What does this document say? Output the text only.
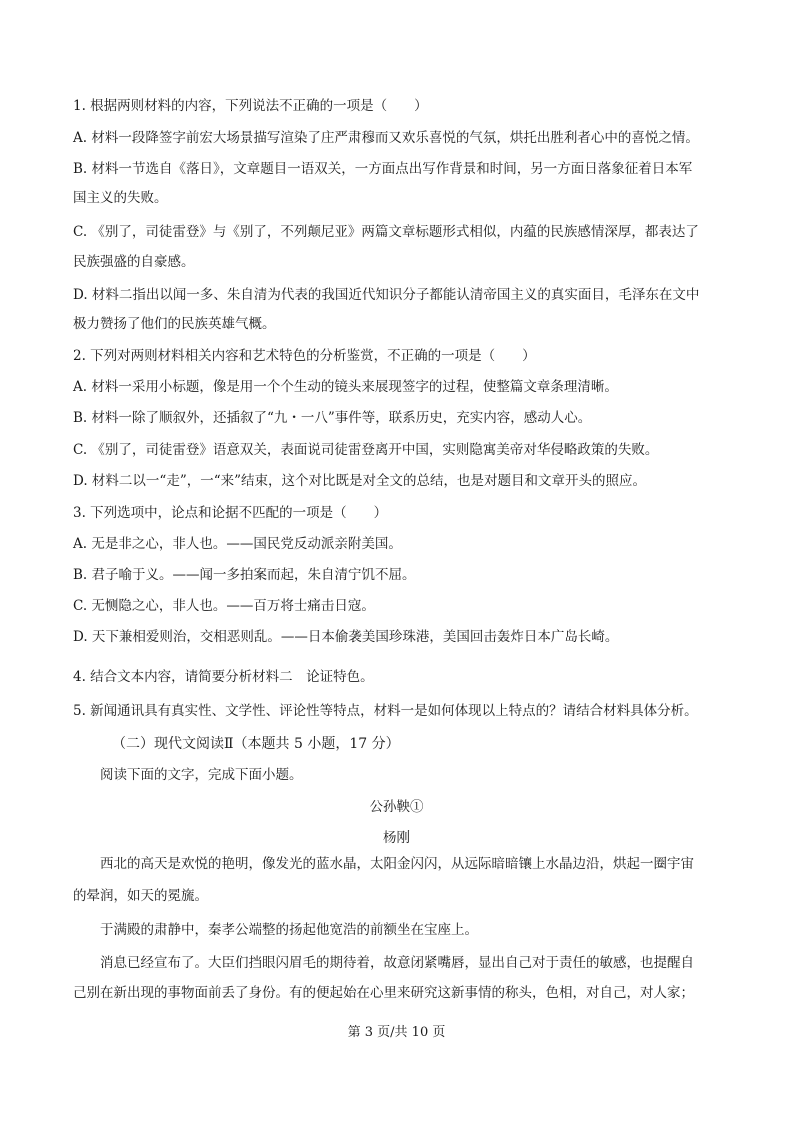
1. 根据两则材料的内容，下列说法不正确的一项是（　　）
A. 材料一段降签字前宏大场景描写渲染了庄严肃穆而又欢乐喜悦的气氛，烘托出胜利者心中的喜悦之情。
B. 材料一节选自《落日》，文章题目一语双关，一方面点出写作背景和时间，另一方面日落象征着日本军
国主义的失败。
C. 《别了，司徒雷登》与《别了，不列颠尼亚》两篇文章标题形式相似，内蕴的民族感情深厚，都表达了
民族强盛的自豪感。
D. 材料二指出以闻一多、朱自清为代表的我国近代知识分子都能认清帝国主义的真实面目，毛泽东在文中
极力赞扬了他们的民族英雄气概。
2. 下列对两则材料相关内容和艺术特色的分析鉴赏，不正确的一项是（　　）
A. 材料一采用小标题，像是用一个个生动的镜头来展现签字的过程，使整篇文章条理清晰。
B. 材料一除了顺叙外，还插叙了“九・一八”事件等，联系历史，充实内容，感动人心。
C. 《别了，司徒雷登》语意双关，表面说司徒雷登离开中国，实则隐寓美帝对华侵略政策的失败。
D. 材料二以一“走”，一“来”结束，这个对比既是对全文的总结，也是对题目和文章开头的照应。
3. 下列选项中，论点和论据不匹配的一项是（　　）
A. 无是非之心，非人也。——国民党反动派亲附美国。
B. 君子喻于义。——闻一多拍案而起，朱自清宁饥不屈。
C. 无恻隐之心，非人也。——百万将士痛击日寇。
D. 天下兼相爱则治，交相恶则乱。——日本偷袭美国珍珠港，美国回击轰炸日本广岛长崎。
4. 结合文本内容，请简要分析材料二　论证特色。
5. 新闻通讯具有真实性、文学性、评论性等特点，材料一是如何体现以上特点的？请结合材料具体分析。
（二）现代文阅读Ⅱ（本题共 5 小题，17 分）
阅读下面的文字，完成下面小题。
公孙鞅①
杨刚
西北的高天是欢悦的艳明，像发光的蓝水晶，太阳金闪闪，从远际暗暗镶上水晶边沿，烘起一圈宇宙
的晕润，如天的冕旒。
于满殿的肃静中，秦孝公端整的扬起他宽浩的前额坐在宝座上。
消息已经宣布了。大臣们挡眼闪眉毛的期待着，故意闭紧嘴唇，显出自己对于责任的敏感，也提醒自
己别在新出现的事物面前丢了身份。有的便起始在心里来研究这新事情的称头，色相，对自己，对人家；
第 3 页/共 10 页
